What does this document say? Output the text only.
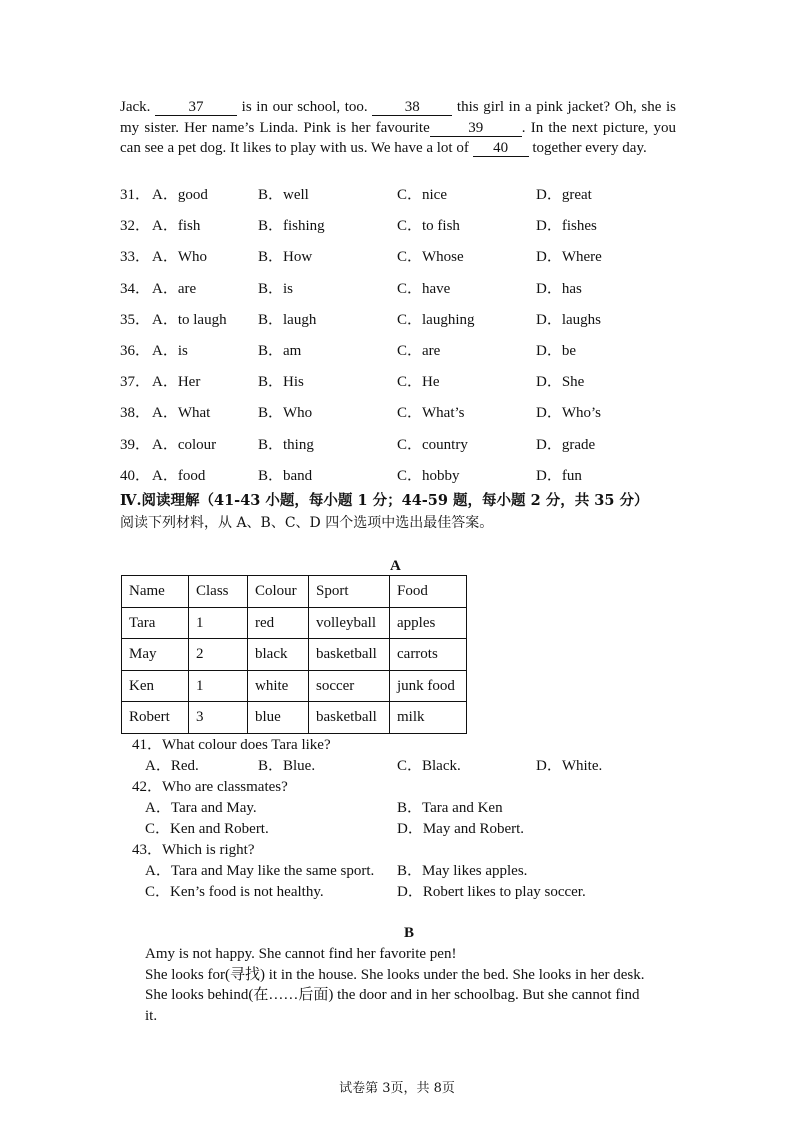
Jack. 37 is in our school, too. 38 this girl in a pink jacket? Oh, she is my sister. Her name’s Linda. Pink is her favourite	39	. In the next picture, you can see a pet dog. It likes to play with us. We have a lot of 40 together every day.
31． A．good	B．well	C．nice	D．great
32． A．fish	B．fishing	C．to fish	D．fishes
33． A．Who	B．How	C．Whose	D．Where
34． A．are	B．is	C．have	D．has
35． A．to laugh B．laugh	C．laughing	D．laughs
36． A．is	B．am	C．are	D．be
37． A．Her	B．His	C．He	D．She
38． A．What	B．Who	C．What’s	D．Who’s
39． A．colour	B．thing	C．country	D．grade
40． A．food	B．band	C．hobby	D．fun
Ⅳ.阅读理解（41-43 小题，每小题 1 分；44-59 题，每小题 2 分，共 35 分）
阅读下列材料，从 A、B、C、D 四个选项中选出最佳答案。
A
Name	Class	Colour	Sport	Food
Tara	1	red	volleyball	apples
May	2	black	basketball	carrots
Ken	1	white	soccer	junk food
Robert	3	blue	basketball	milk
41．What colour does Tara like?
A．Red.	B．Blue.	C．Black.	D．White.
42．Who are classmates?
A．Tara and May.	B．Tara and Ken
C．Ken and Robert.	D．May and Robert.
43．Which is right?
A．Tara and May like the same sport. B．May likes apples.
C．Ken’s food is not healthy.	D．Robert likes to play soccer.
B

Amy is not happy. She cannot find her favorite pen!

She looks for(寻找) it in the house. She looks under the bed. She looks in her desk. She looks behind(在……后面) the door and in her schoolbag. But she cannot find it.

试卷第 3页，共 8页
